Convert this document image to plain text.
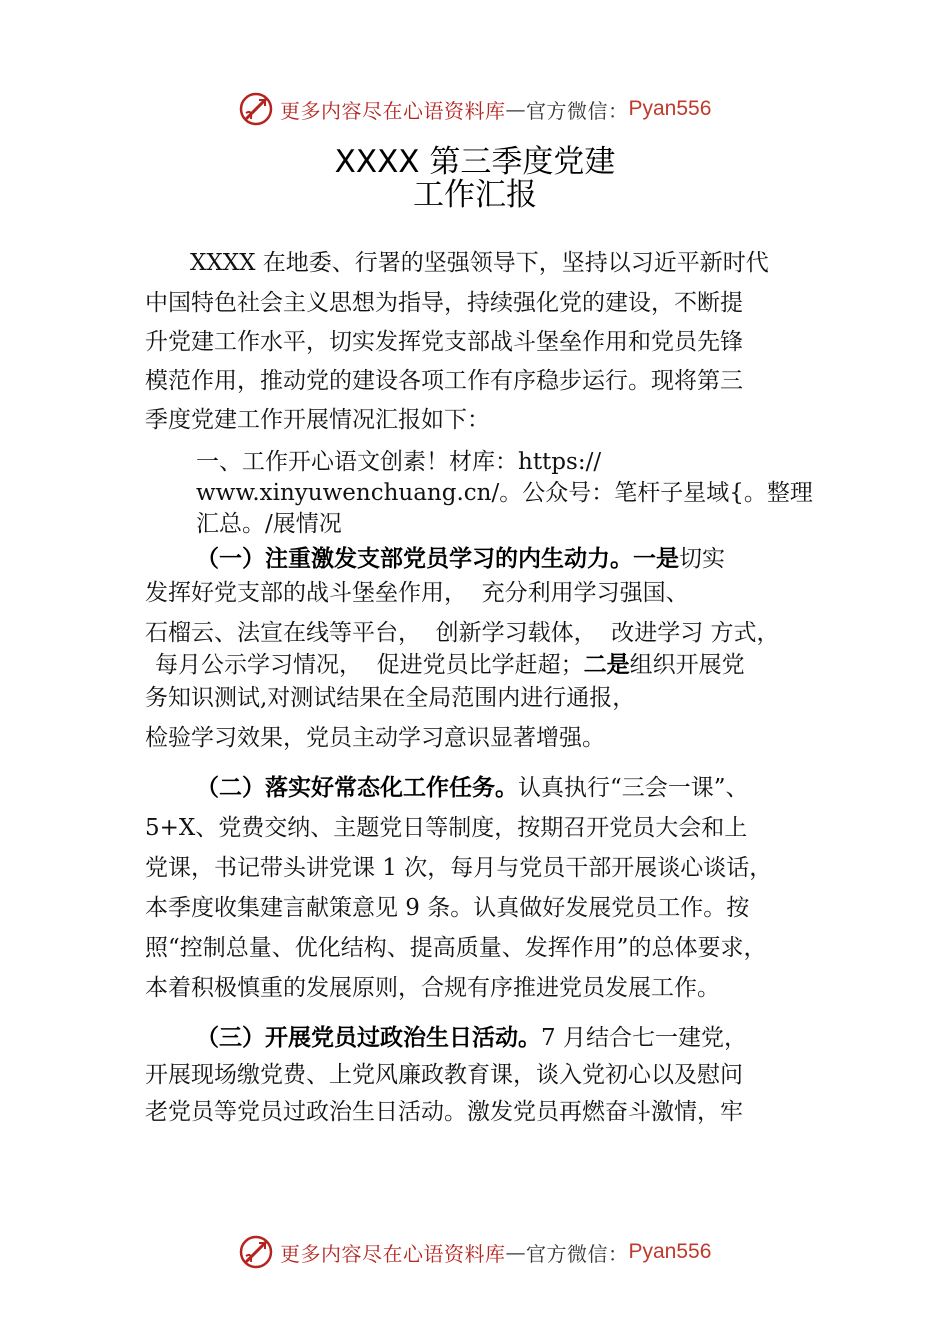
更多内容尽在心语资料库 — 官方微信： Pyan556
XXXX 第三季度党建
工作汇报
XXXX 在地委、行署的坚强领导下，坚持以习近平新时代
中国特色社会主义思想为指导，持续强化党的建设，不断提
升党建工作水平，切实发挥党支部战斗堡垒作用和党员先锋
模范作用，推动党的建设各项工作有序稳步运行。现将第三
季度党建工作开展情况汇报如下：
一、工作开心语文创素！材库：https://
www.xinyuwenchuang.cn/。公众号：笔杆子星域{。整理
汇总。/展情况
（一）注重激发支部党员学习的内生动力。一是切实
发挥好党支部的战斗堡垒作用，  充分利用学习强国、
石榴云、法宣在线等平台，  创新学习载体，  改进学习 方式，
每月公示学习情况，  促进党员比学赶超；二是组织开展党
务知识测试,对测试结果在全局范围内进行通报，
检验学习效果，党员主动学习意识显著增强。
（二）落实好常态化工作任务。认真执行“三会一课”、
5+X、党费交纳、主题党日等制度，按期召开党员大会和上
党课，书记带头讲党课 1 次，每月与党员干部开展谈心谈话，
本季度收集建言献策意见 9 条。认真做好发展党员工作。按
照“控制总量、优化结构、提高质量、发挥作用”的总体要求，
本着积极慎重的发展原则，合规有序推进党员发展工作。
（三）开展党员过政治生日活动。7 月结合七一建党，
开展现场缴党费、上党风廉政教育课，谈入党初心以及慰问
老党员等党员过政治生日活动。激发党员再燃奋斗激情，牢
更多内容尽在心语资料库 — 官方微信： Pyan556
